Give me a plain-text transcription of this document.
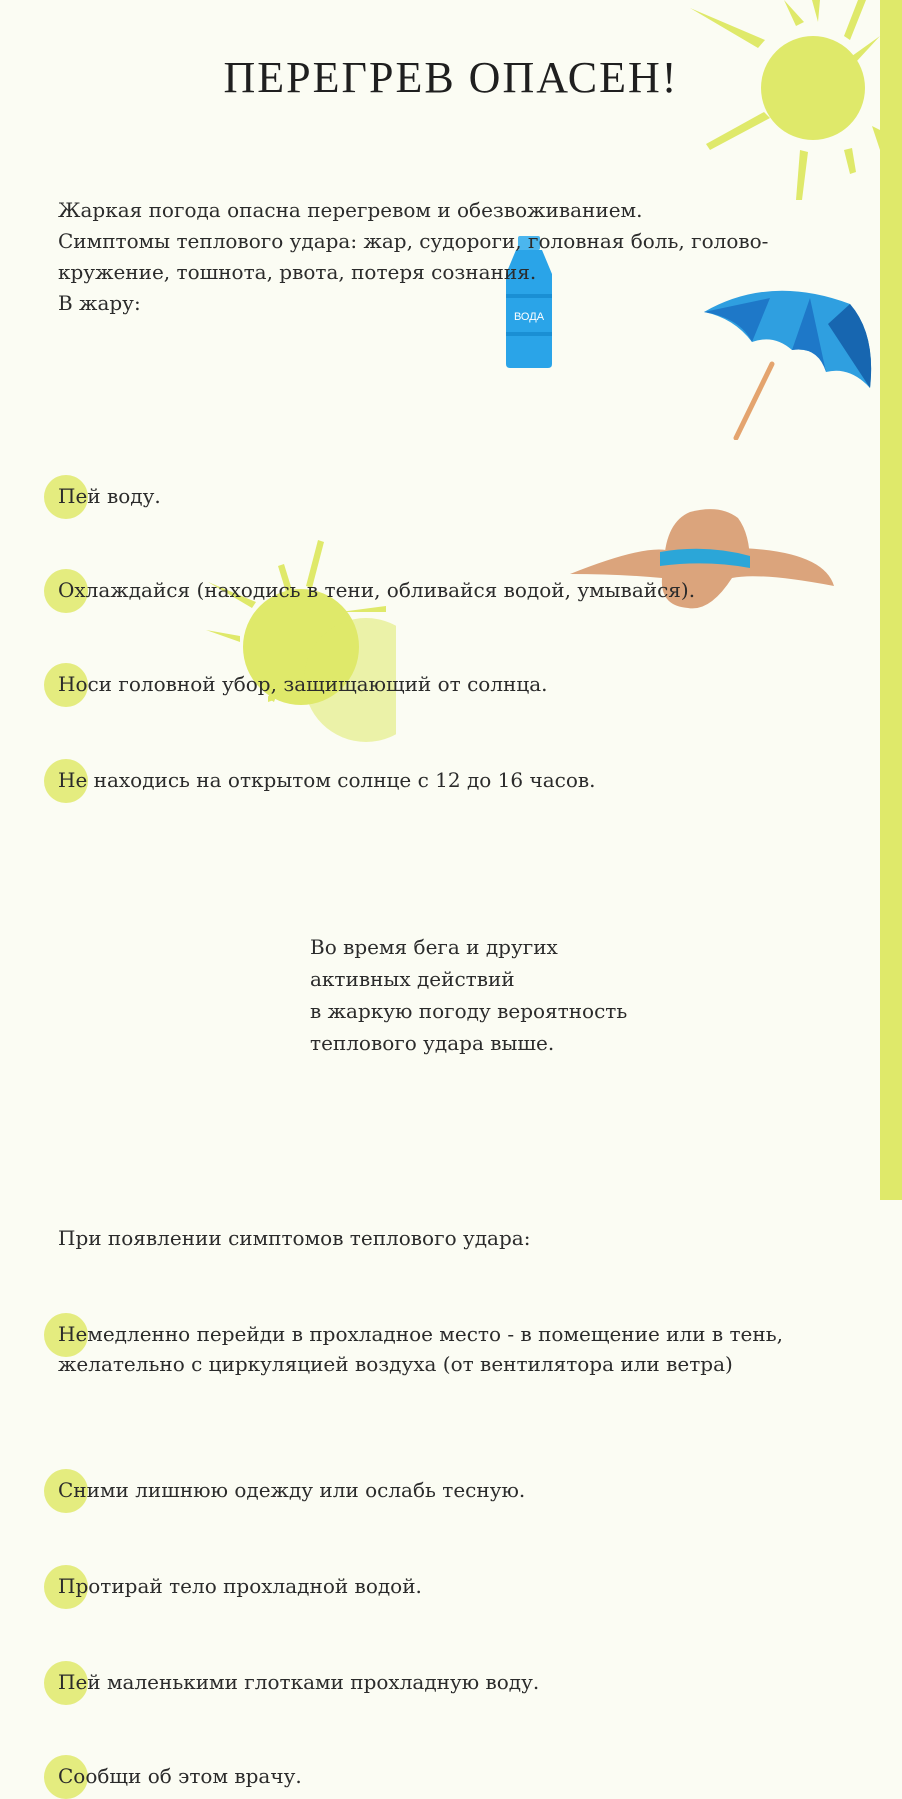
ВОДА
ПЕРЕГРЕВ ОПАСЕН!
Жаркая погода опасна перегревом и обезвоживанием.
Симптомы теплового удара: жар, судороги, головная боль, голово-
кружение, тошнота, рвота, потеря сознания.
В жару:
Пей воду.
Охлаждайся (находись в тени, обливайся водой, умывайся).
Носи головной убор, защищающий от солнца.
Не находись на открытом солнце с 12 до 16 часов.
Во время бега и других
активных действий
в жаркую погоду вероятность
теплового удара выше.
При появлении симптомов теплового удара:
Немедленно перейди в прохладное место - в помещение или в тень,
желательно с циркуляцией воздуха (от вентилятора или ветра)
Сними лишнюю одежду или ослабь тесную.
Протирай тело прохладной водой.
Пей маленькими глотками прохладную воду.
Сообщи об этом врачу.
